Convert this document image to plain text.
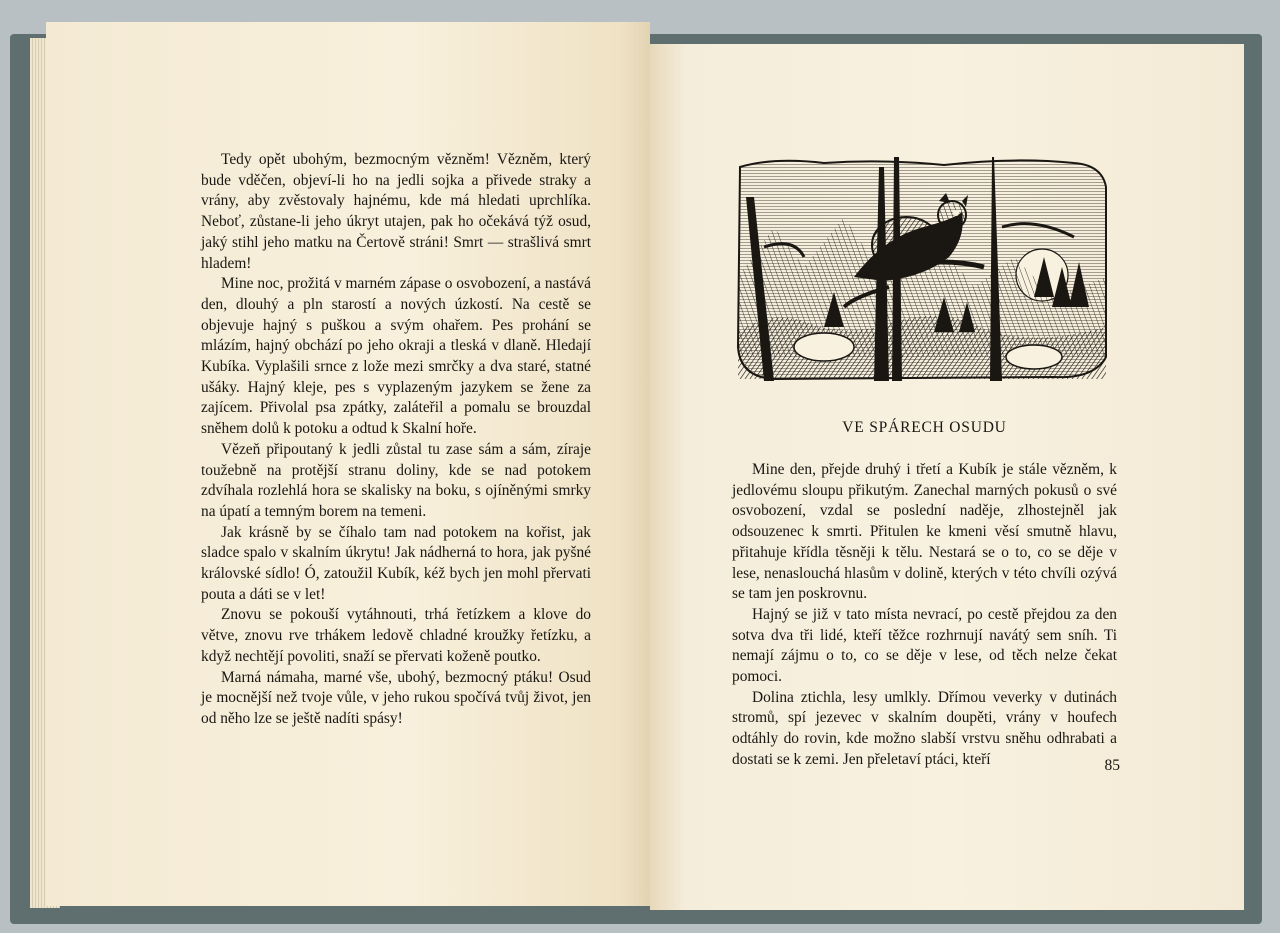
Tedy opět ubohým, bezmocným vězněm! Vězněm, který bude vděčen, objeví-li ho na jedli sojka a přivede straky a vrány, aby zvěstovaly hajnému, kde má hledati uprchlíka. Neboť, zůstane-li jeho úkryt utajen, pak ho očekává týž osud, jaký stihl jeho matku na Čertově stráni! Smrt — strašlivá smrt hladem!

Mine noc, prožitá v marném zápase o osvobození, a nastává den, dlouhý a pln starostí a nových úzkostí. Na cestě se objevuje hajný s puškou a svým ohařem. Pes prohání se mlázím, hajný obchází po jeho okraji a tleská v dlaně. Hledají Kubíka. Vyplašili srnce z lože mezi smrčky a dva staré, statné ušáky. Hajný kleje, pes s vyplazeným jazykem se žene za zajícem. Přivolal psa zpátky, zaláteřil a pomalu se brouzdal sněhem dolů k potoku a odtud k Skalní hoře.

Vězeň připoutaný k jedli zůstal tu zase sám a sám, zíraje toužebně na protější stranu doliny, kde se nad potokem zdvíhala rozlehlá hora se skalisky na boku, s ojíněnými smrky na úpatí a temným borem na temeni.

Jak krásně by se číhalo tam nad potokem na kořist, jak sladce spalo v skalním úkrytu! Jak nádherná to hora, jak pyšné královské sídlo! Ó, zatoužil Kubík, kéž bych jen mohl přervati pouta a dáti se v let!

Znovu se pokouší vytáhnouti, trhá řetízkem a klove do větve, znovu rve trhákem ledově chladné kroužky řetízku, a když nechtějí povoliti, snaží se přervati koženě poutko.

Marná námaha, marné vše, ubohý, bezmocný ptáku! Osud je mocnější než tvoje vůle, v jeho rukou spočívá tvůj život, jen od něho lze se ještě nadíti spásy!

VE SPÁRECH OSUDU

Mine den, přejde druhý i třetí a Kubík je stále vězněm, k jedlovému sloupu přikutým. Zanechal marných pokusů o své osvobození, vzdal se poslední naděje, zlhostejněl jak odsouzenec k smrti. Přitulen ke kmeni věsí smutně hlavu, přitahuje křídla těsněji k tělu. Nestará se o to, co se děje v lese, nenaslouchá hlasům v dolině, kterých v této chvíli ozývá se tam jen poskrovnu.

Hajný se již v tato místa nevrací, po cestě přejdou za den sotva dva tři lidé, kteří těžce rozhrnují navátý sem sníh. Ti nemají zájmu o to, co se děje v lese, od těch nelze čekat pomoci.

Dolina ztichla, lesy umlkly. Dřímou veverky v dutinách stromů, spí jezevec v skalním doupěti, vrány v houfech odtáhly do rovin, kde možno slabší vrstvu sněhu odhrabati a dostati se k zemi. Jen přeletaví ptáci, kteří	85
